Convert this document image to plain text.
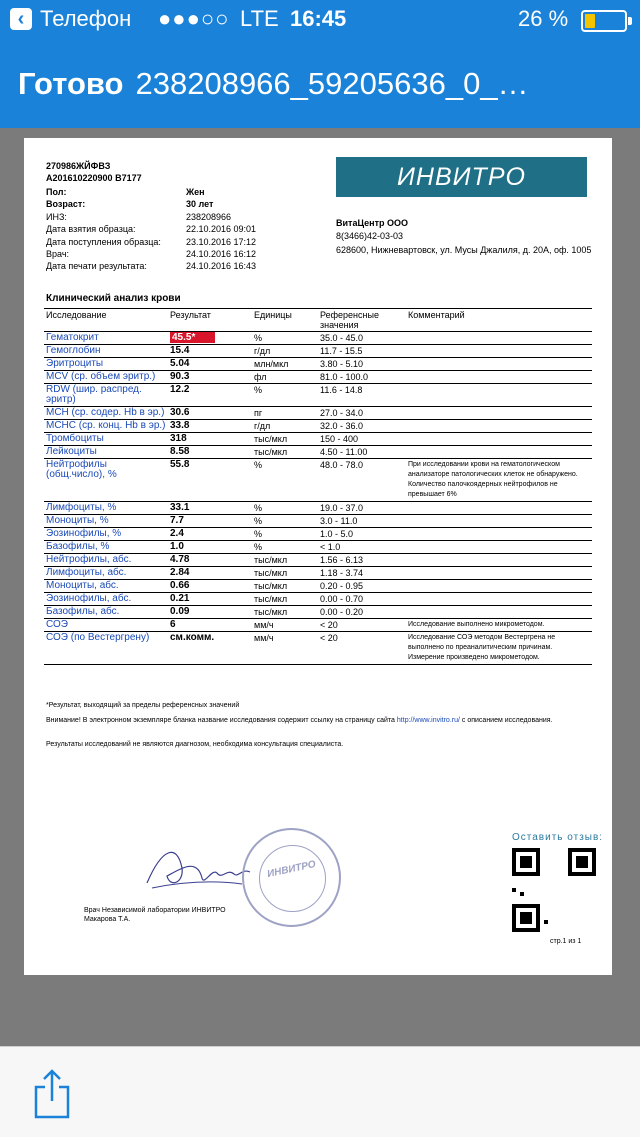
‹ Телефон ●●●○○ LTE 16:45	26 %
Готово 238208966_59205636_0_…
270986ЖЙФВЗ
A201610220900 B7177
Пол:	Жен
Возраст:	30 лет
ИНЗ:	238208966
Дата взятия образца:	22.10.2016 09:01
Дата поступления образца:	23.10.2016 17:12
Врач:	24.10.2016 16:12
Дата печати результата:	24.10.2016 16:43
ИНВИТРО
ВитаЦентр ООО
8(3466)42-03-03
628600, Нижневартовск, ул. Мусы Джалиля, д. 20А, оф. 1005
Клинический анализ крови
Исследование	Результат	Единицы	Референсные значения	Комментарий
Гематокрит	45.5*	%	35.0 - 45.0	
Гемоглобин	15.4	г/дл	11.7 - 15.5	
Эритроциты	5.04	млн/мкл	3.80 - 5.10	
MCV (ср. объем эритр.)	90.3	фл	81.0 - 100.0	
RDW (шир. распред. эритр)	12.2	%	11.6 - 14.8	
MCH (ср. содер. Hb в эр.)	30.6	пг	27.0 - 34.0	
MCHC (ср. конц. Hb в эр.)	33.8	г/дл	32.0 - 36.0	
Тромбоциты	318	тыс/мкл	150 - 400	
Лейкоциты	8.58	тыс/мкл	4.50 - 11.00	
Нейтрофилы (общ.число), %	55.8	%	48.0 - 78.0	При исследовании крови на гематологическом анализаторе патологических клеток не обнаружено. Количество палочкоядерных нейтрофилов не превышает 6%
Лимфоциты, %	33.1	%	19.0 - 37.0	
Моноциты, %	7.7	%	3.0 - 11.0	
Эозинофилы, %	2.4	%	1.0 - 5.0	
Базофилы, %	1.0	%	< 1.0	
Нейтрофилы, абс.	4.78	тыс/мкл	1.56 - 6.13	
Лимфоциты, абс.	2.84	тыс/мкл	1.18 - 3.74	
Моноциты, абс.	0.66	тыс/мкл	0.20 - 0.95	
Эозинофилы, абс.	0.21	тыс/мкл	0.00 - 0.70	
Базофилы, абс.	0.09	тыс/мкл	0.00 - 0.20	
СОЭ	6	мм/ч	< 20	Исследование выполнено микрометодом.
СОЭ (по Вестергрену)	см.комм.	мм/ч	< 20	Исследование СОЭ методом Вестергрена не выполнено по преаналитическим причинам. Измерение произведено микрометодом.
*Результат, выходящий за пределы референсных значений
Внимание! В электронном экземпляре бланка название исследования содержит ссылку на страницу сайта http://www.invitro.ru/ с описанием исследования.
Результаты исследований не являются диагнозом, необходима консультация специалиста.
ИНВИТРО
Врач Независимой лаборатории ИНВИТРО
Макарова Т.А.
Оставить отзыв:
стр.1 из 1
